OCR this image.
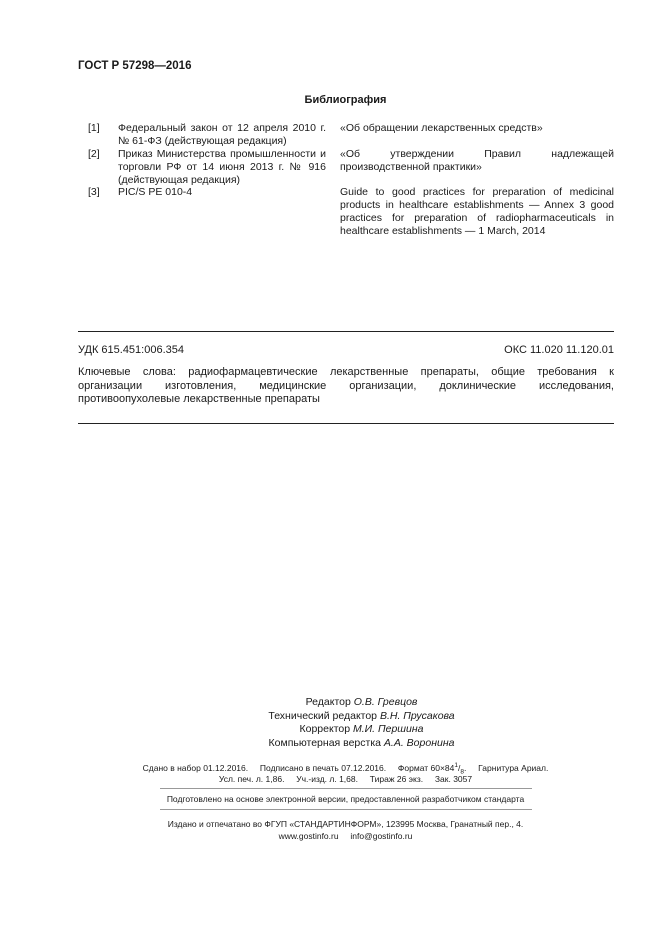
ГОСТ Р 57298—2016
Библиография
[1] Федеральный закон от 12 апреля 2010 г. № 61-ФЗ (действующая редакция)
«Об обращении лекарственных средств»
[2] Приказ Министерства промышленности и торговли РФ от 14 июня 2013 г. № 916 (действующая редакция)
«Об утверждении Правил надлежащей производственной практики»
[3] PIC/S PE 010-4	Guide to good practices for preparation of medicinal products in healthcare establishments — Annex 3 good practices for preparation of radiopharmaceuticals in healthcare establishments — 1 March, 2014
УДК 615.451:006.354	ОКС 11.020 11.120.01
Ключевые слова: радиофармацевтические лекарственные препараты, общие требования к организации изготовления, медицинские организации, доклинические исследования, противоопухолевые лекарственные препараты
Редактор О.В. Гревцов
Технический редактор В.Н. Прусакова
Корректор М.И. Першина
Компьютерная верстка А.А. Воронина
Сдано в набор 01.12.2016.     Подписано в печать 07.12.2016.     Формат $60\times 84^1/_8$.     Гарнитура Ариал.
Усл. печ. л. 1,86.     Уч.-изд. л. 1,68.     Тираж 26 экз.     Зак. 3057
Подготовлено на основе электронной версии, предоставленной разработчиком стандарта
Издано и отпечатано во ФГУП «СТАНДАРТИНФОРМ», 123995 Москва, Гранатный пер., 4.
www.gostinfo.ru     info@gostinfo.ru
